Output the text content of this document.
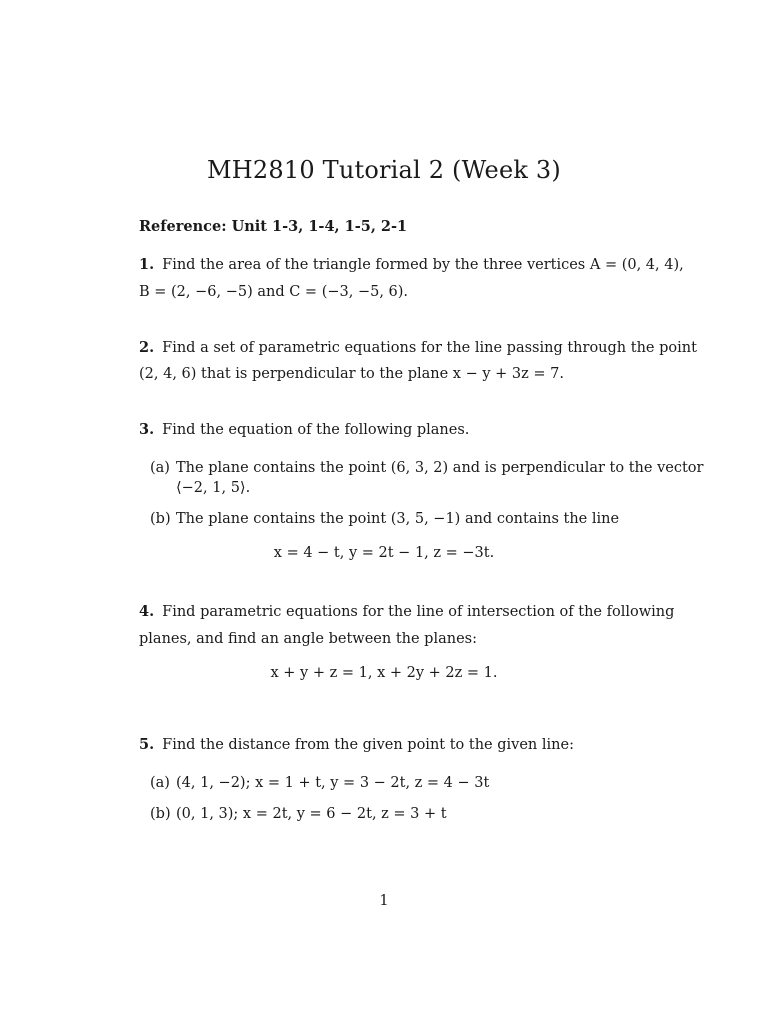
MH2810 Tutorial 2 (Week 3)
Reference: Unit 1-3, 1-4, 1-5, 2-1
1. Find the area of the triangle formed by the three vertices A = (0, 4, 4),
B = (2, −6, −5) and C = (−3, −5, 6).
2. Find a set of parametric equations for the line passing through the point
(2, 4, 6) that is perpendicular to the plane x − y + 3z = 7.
3. Find the equation of the following planes.
(a) The plane contains the point (6, 3, 2) and is perpendicular to the vector
⟨−2, 1, 5⟩.
(b) The plane contains the point (3, 5, −1) and contains the line
x = 4 − t, y = 2t − 1, z = −3t.
4. Find parametric equations for the line of intersection of the following
planes, and find an angle between the planes:
x + y + z = 1, x + 2y + 2z = 1.
5. Find the distance from the given point to the given line:
(a) (4, 1, −2); x = 1 + t, y = 3 − 2t, z = 4 − 3t
(b) (0, 1, 3); x = 2t, y = 6 − 2t, z = 3 + t
1
